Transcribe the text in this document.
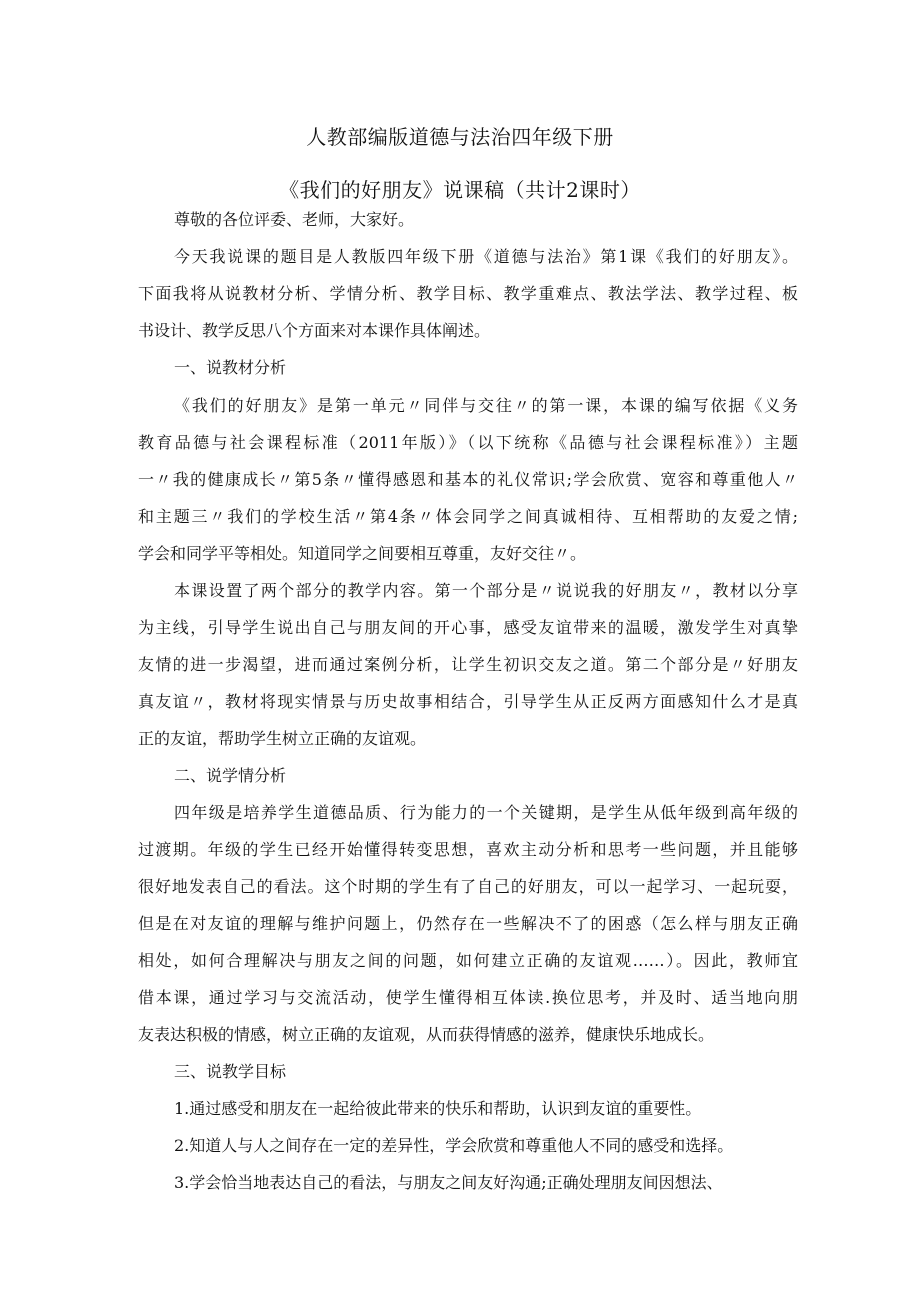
人教部编版道德与法治四年级下册
《我们的好朋友》说课稿（共计2课时）
尊敬的各位评委、老师，大家好。
今天我说课的题目是人教版四年级下册《道德与法治》第1课《我们的好朋友》。
下面我将从说教材分析、学情分析、教学目标、教学重难点、教法学法、教学过程、板
书设计、教学反思八个方面来对本课作具体阐述。
一、说教材分析
《我们的好朋友》是第一单元〃同伴与交往〃的第一课，本课的编写依据《义务
教育品德与社会课程标准（2011年版）》（以下统称《品德与社会课程标准》）主题
一〃我的健康成长〃第5条〃懂得感恩和基本的礼仪常识;学会欣赏、宽容和尊重他人〃
和主题三〃我们的学校生活〃第4条〃体会同学之间真诚相待、互相帮助的友爱之情;
学会和同学平等相处。知道同学之间要相互尊重，友好交往〃。
本课设置了两个部分的教学内容。第一个部分是〃说说我的好朋友〃，教材以分享
为主线，引导学生说出自己与朋友间的开心事，感受友谊带来的温暖，激发学生对真挚
友情的进一步渴望，进而通过案例分析，让学生初识交友之道。第二个部分是〃好朋友
真友谊〃，教材将现实情景与历史故事相结合，引导学生从正反两方面感知什么才是真
正的友谊，帮助学生树立正确的友谊观。
二、说学情分析
四年级是培养学生道德品质、行为能力的一个关键期，是学生从低年级到高年级的
过渡期。年级的学生已经开始懂得转变思想，喜欢主动分析和思考一些问题，并且能够
很好地发表自己的看法。这个时期的学生有了自己的好朋友，可以一起学习、一起玩耍，
但是在对友谊的理解与维护问题上，仍然存在一些解决不了的困惑（怎么样与朋友正确
相处，如何合理解决与朋友之间的问题，如何建立正确的友谊观……）。因此，教师宜
借本课，通过学习与交流活动，使学生懂得相互体读.换位思考，并及时、适当地向朋
友表达积极的情感，树立正确的友谊观，从而获得情感的滋养，健康快乐地成长。
三、说教学目标
1.通过感受和朋友在一起给彼此带来的快乐和帮助，认识到友谊的重要性。
2.知道人与人之间存在一定的差异性，学会欣赏和尊重他人不同的感受和选择。
3.学会恰当地表达自己的看法，与朋友之间友好沟通;正确处理朋友间因想法、
